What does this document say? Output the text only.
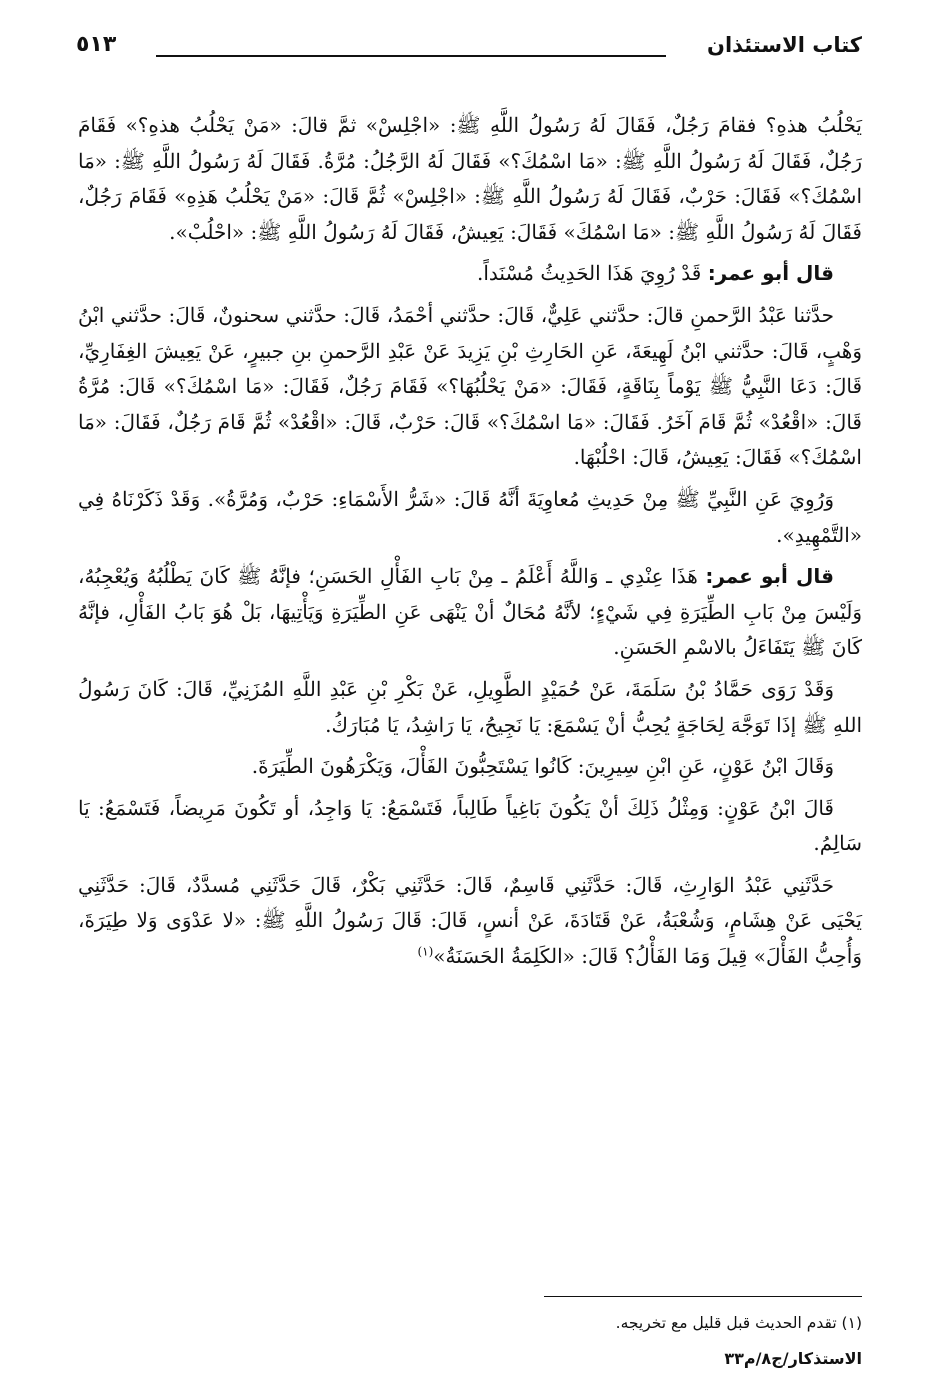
كتاب الاستئذان
٥١٣

يَحْلُبُ هذهِ؟ فقامَ رَجُلٌ، فَقَالَ لَهُ رَسُولُ اللَّهِ ﷺ: «اجْلِسْ» ثمَّ قالَ: «مَنْ يَحْلُبُ هذهِ؟» فَقَامَ رَجُلٌ، فَقَالَ لَهُ رَسُولُ اللَّهِ ﷺ: «مَا اسْمُكَ؟» فَقَالَ لَهُ الرَّجُلُ: مُرَّةُ. فَقَالَ لَهُ رَسُولُ اللَّهِ ﷺ: «مَا اسْمُكَ؟» فَقَالَ: حَرْبٌ، فَقَالَ لَهُ رَسُولُ اللَّهِ ﷺ: «اجْلِسْ» ثُمَّ قَالَ: «مَنْ يَحْلُبُ هَذِهِ» فَقَامَ رَجُلٌ، فَقَالَ لَهُ رَسُولُ اللَّهِ ﷺ: «مَا اسْمُكَ» فَقَالَ: يَعِيشُ، فَقَالَ لَهُ رَسُولُ اللَّهِ ﷺ: «احْلُبْ».

قال أبو عمر: قَدْ رُوِيَ هَذَا الحَدِيثُ مُسْنَداً.

حدَّثنا عَبْدُ الرَّحمنِ قالَ: حدَّثني عَلِيٌّ، قَالَ: حدَّثني أحْمَدُ، قَالَ: حدَّثني سحنونٌ، قَالَ: حدَّثني ابْنُ وَهْبٍ، قَالَ: حدَّثني ابْنُ لَهِيعَةَ، عَنِ الحَارِثِ بْنِ يَزِيدَ عَنْ عَبْدِ الرَّحمنِ بنِ جبيرٍ، عَنْ يَعِيشَ الغِفَارِيِّ، قَالَ: دَعَا النَّبِيُّ ﷺ يَوْماً بِنَاقَةٍ، فَقَالَ: «مَنْ يَحْلُبُهَا؟» فَقَامَ رَجُلٌ، فَقَالَ: «مَا اسْمُكَ؟» قَالَ: مُرَّةُ قَالَ: «اقْعُدْ» ثُمَّ قَامَ آخَرُ. فَقَالَ: «مَا اسْمُكَ؟» قَالَ: حَرْبٌ، قَالَ: «اقْعُدْ» ثُمَّ قَامَ رَجُلٌ، فَقَالَ: «مَا اسْمُكَ؟» فَقَالَ: يَعِيشُ، قَالَ: احْلُبْهَا.

وَرُوِيَ عَنِ النَّبِيِّ ﷺ مِنْ حَدِيثِ مُعاوِيَةَ أنَّهُ قَالَ: «شَرُّ الأَسْمَاءِ: حَرْبٌ، وَمُرَّةُ». وَقَدْ ذَكَرْنَاهُ فِي «التَّمْهِيدِ».

قال أبو عمر: هَذَا عِنْدِي ـ وَاللَّهُ أَعْلَمُ ـ مِنْ بَابِ الفَأْلِ الحَسَنِ؛ فإنَّهُ ﷺ كَانَ يَطْلُبُهُ وَيُعْجِبُهُ، وَلَيْسَ مِنْ بَابِ الطِّيَرَةِ فِي شَيْءٍ؛ لأنَّهُ مُحَالٌ أنْ يَنْهَى عَنِ الطِّيَرَةِ وَيَأْتِيهَا، بَلْ هُوَ بَابُ الفَأْلِ، فإنَّهُ كَانَ ﷺ يَتَفَاءَلُ بالاسْمِ الحَسَنِ.

وَقَدْ رَوَى حَمَّادُ بْنُ سَلَمَةَ، عَنْ حُمَيْدٍ الطَّوِيلِ، عَنْ بَكْرِ بْنِ عَبْدِ اللَّهِ المُزَنِيِّ، قَالَ: كَانَ رَسُولُ اللهِ ﷺ إذَا تَوَجَّهَ لِحَاجَةٍ يُحِبُّ أنْ يَسْمَعَ: يَا نَجِيحُ، يَا رَاشِدُ، يَا مُبَارَكُ.

وَقَالَ ابْنُ عَوْنٍ، عَنِ ابْنِ سِيرِينَ: كَانُوا يَسْتَحِبُّونَ الفَأْلَ، وَيَكْرَهُونَ الطِّيَرَةَ.

قَالَ ابْنُ عَوْنٍ: وَمِثْلُ ذَلِكَ أنْ يَكُونَ بَاغِياً طَالِباً، فَتَسْمَعُ: يَا وَاجِدُ، أو تَكُونَ مَرِيضاً، فَتَسْمَعُ: يَا سَالِمُ.

حَدَّثَنِي عَبْدُ الوَارِثِ، قَالَ: حَدَّثَنِي قَاسِمٌ، قَالَ: حَدَّثَنِي بَكْرٌ، قَالَ حَدَّثَنِي مُسدَّدٌ، قَالَ: حَدَّثَنِي يَحْيَى عَنْ هِشَامٍ، وَشُعْبَةُ، عَنْ قَتَادَةَ، عَنْ أنسٍ، قَالَ: قَالَ رَسُولُ اللَّهِ ﷺ: «لا عَدْوَى وَلا طِيَرَةَ، وَأُحِبُّ الفَأْلَ» قِيلَ وَمَا الفَأْلُ؟ قَالَ: «الكَلِمَةُ الحَسَنَةُ»$^{(١)}$

(١) تقدم الحديث قبل قليل مع تخريجه.
الاستذكار/ج٨/م٣٣
